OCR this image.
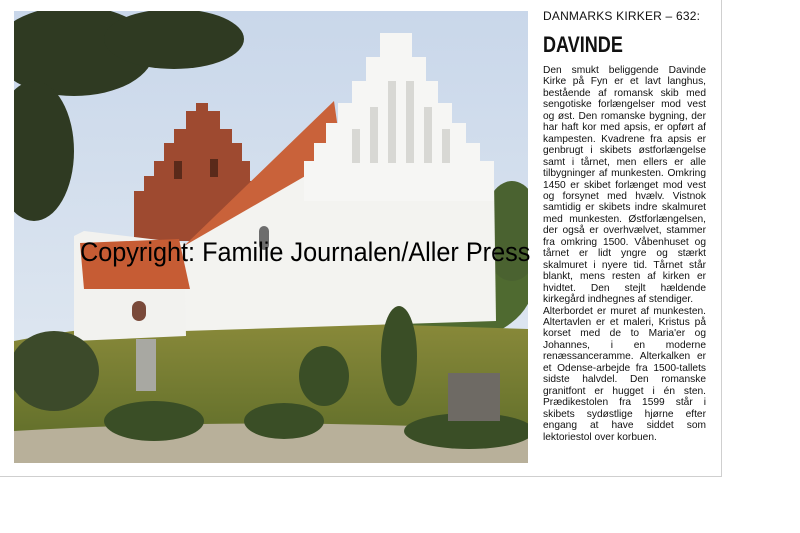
DANMARKS KIRKER – 632:
DAVINDE

Den smukt beliggende Davinde Kirke på Fyn er et lavt langhus, bestående af romansk skib med sengotiske forlængelser mod vest og øst. Den romanske bygning, der har haft kor med apsis, er opført af kampesten. Kvadrene fra apsis er genbrugt i skibets østforlængelse samt i tårnet, men ellers er alle tilbygninger af munkesten. Omkring 1450 er skibet forlænget mod vest og forsynet med hvælv. Vistnok samtidig er skibets indre skalmuret med munkesten. Østforlængelsen, der også er overhvælvet, stammer fra omkring 1500. Våbenhuset og tårnet er lidt yngre og stærkt skalmuret i nyere tid. Tårnet står blankt, mens resten af kirken er hvidtet. Den stejlt hældende kirkegård indhegnes af stendiger.

Alterbordet er muret af munkesten. Altertavlen er et maleri, Kristus på korset med de to Maria'er og Johannes, i en moderne renæssanceramme. Alterkalken er et Odense-arbejde fra 1500-tallets sidste halvdel. Den romanske granitfont er hugget i én sten. Prædikestolen fra 1599 står i skibets sydøstlige hjørne efter engang at have siddet som lektoriestol over korbuen.

Copyright: Familie Journalen/Aller Press
